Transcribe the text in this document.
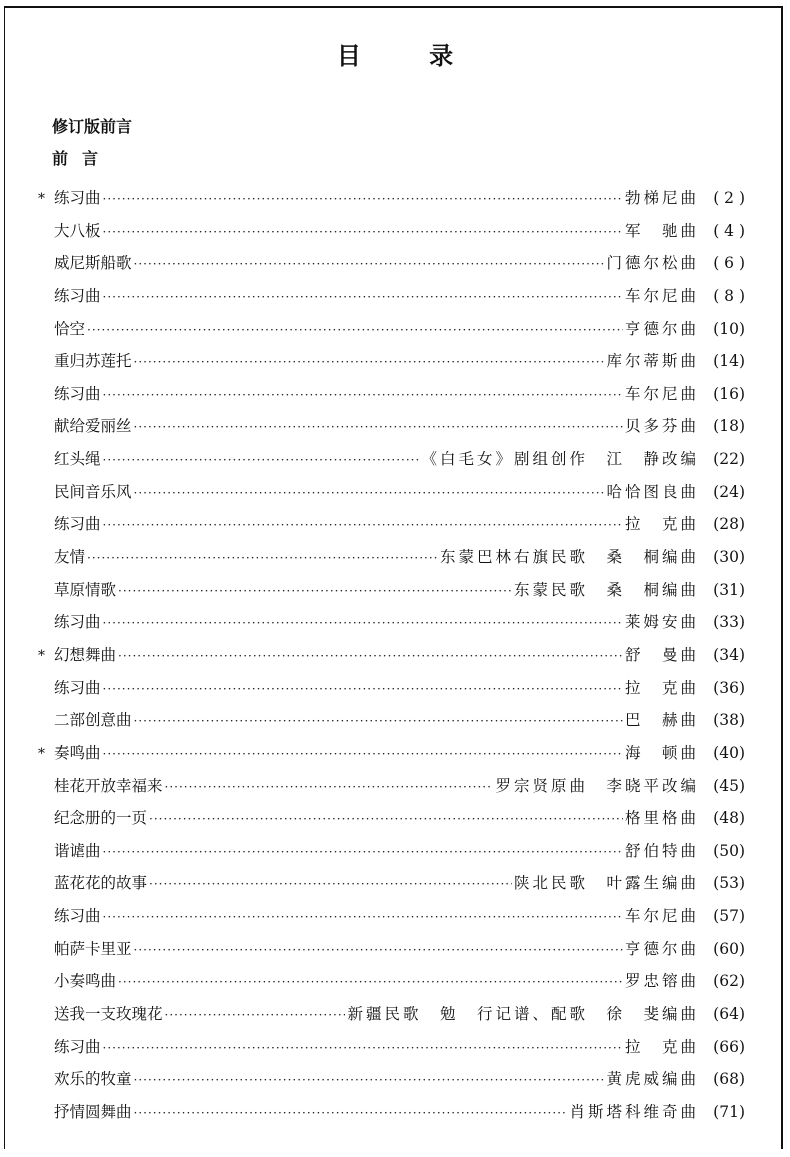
目 录
修订版前言
前言
* 练习曲 ·····	勃梯尼曲 ( 2 )
大八板 ·····	军　驰曲 ( 4 )
威尼斯船歌 ·····	门德尔松曲 ( 6 )
练习曲 ·····	车尔尼曲 ( 8 )
恰空 ·····	亨德尔曲 (10)
重归苏莲托 ·····	库尔蒂斯曲 (14)
练习曲 ·····	车尔尼曲 (16)
献给爱丽丝 ·····	贝多芬曲 (18)
红头绳 ·····	《白毛女》剧组创作　江　静改编 (22)
民间音乐风 ·····	哈恰图良曲 (24)
练习曲 ·····	拉　克曲 (28)
友情 ·····	东蒙巴林右旗民歌　桑　桐编曲 (30)
草原情歌 ·····	东蒙民歌　桑　桐编曲 (31)
练习曲 ·····	莱姆安曲 (33)
* 幻想舞曲 ·····	舒　曼曲 (34)
练习曲 ·····	拉　克曲 (36)
二部创意曲 ·····	巴　赫曲 (38)
* 奏鸣曲 ·····	海　顿曲 (40)
桂花开放幸福来 ·····	罗宗贤原曲　李晓平改编 (45)
纪念册的一页 ·····	格里格曲 (48)
谐谑曲 ·····	舒伯特曲 (50)
蓝花花的故事 ·····	陕北民歌　叶露生编曲 (53)
练习曲 ·····	车尔尼曲 (57)
帕萨卡里亚 ·····	亨德尔曲 (60)
小奏鸣曲 ·····	罗忠镕曲 (62)
送我一支玫瑰花 ·····	新疆民歌　勉　行记谱、配歌　徐　斐编曲 (64)
练习曲 ·····	拉　克曲 (66)
欢乐的牧童 ·····	黄虎威编曲 (68)
抒情圆舞曲 ·····	肖斯塔科维奇曲 (71)
